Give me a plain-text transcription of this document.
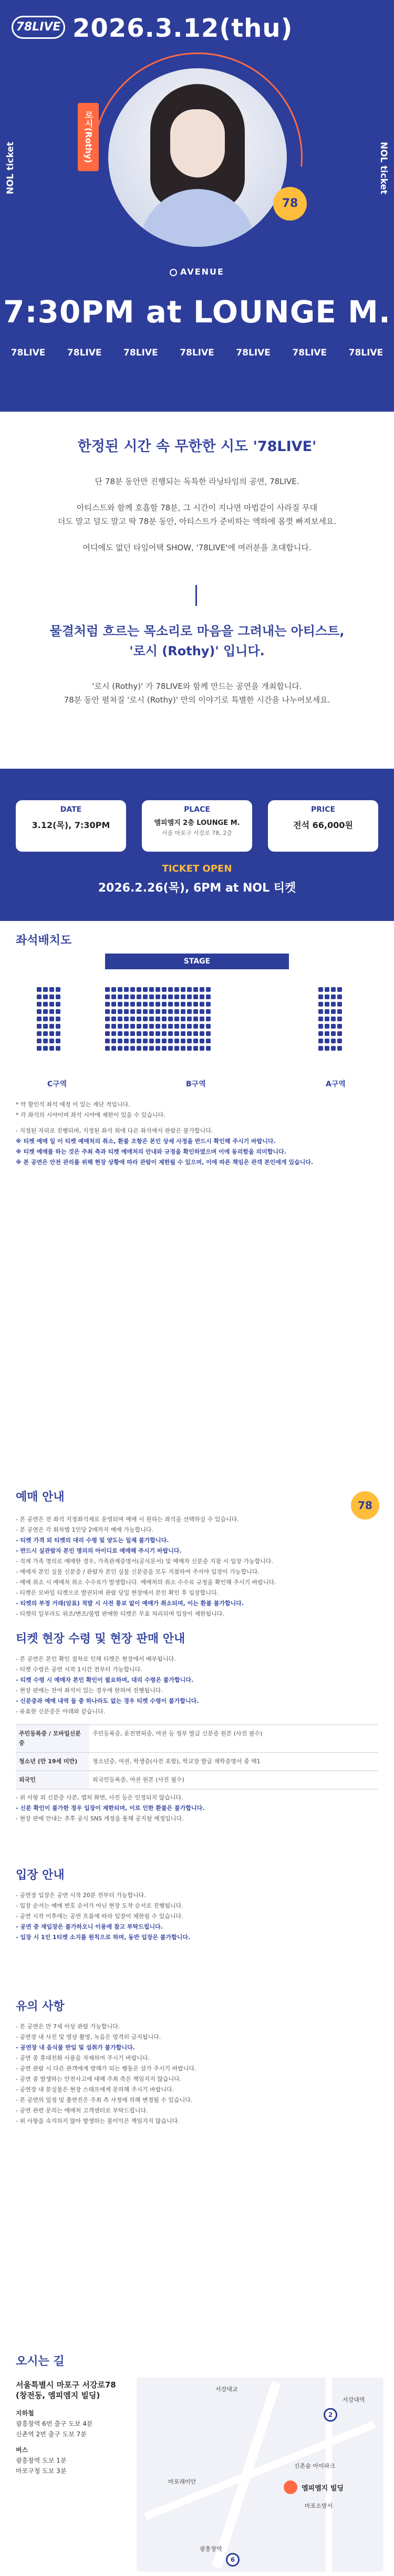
78LIVE 2026.3.12(thu)
NOL ticket	NOL ticket
로시(Rothy)
78
AVENUE
7:30PM at LOUNGE M.
78LIVE 78LIVE 78LIVE 78LIVE 78LIVE 78LIVE 78LIVE
한정된 시간 속 무한한 시도 '78LIVE'
단 78분 동안만 진행되는 독특한 라닝타임의 공연, 78LIVE.
아티스트와 함께 호흡할 78분, 그 시간이 지나면 마법같이 사라질 무대
더도 말고 덜도 말고 딱 78분 동안, 아티스트가 준비하는 액하에 몸껏 빠져보세요.
어디에도 없던 타임어택 SHOW, '78LIVE'에 여러분을 초대합니다.
물결처럼 흐르는 목소리로 마음을 그려내는 아티스트,
'로시 (Rothy)' 입니다.
'로시 (Rothy)' 가 78LIVE와 함께 만드는 공연을 개최합니다.
78분 동안 펼쳐질 '로시 (Rothy)' 만의 이야기로 특별한 시간을 나누어보세요.
DATE
3.12(목), 7:30PM
PLACE
엠피엠지 2층 LOUNGE M.
서울 마포구 서강로 78, 2층
PRICE
전석 66,000원
TICKET OPEN
2026.2.26(목), 6PM at NOL 티켓
좌석배치도
STAGE
C구역	B구역	A구역
* 약 할인석 좌석 예정 이 있는 계단 적입니다.
* 각 좌석의 시야이며 좌석 시야에 제한이 있을 수 있습니다.
- 지정된 자리로 진행되며, 지정된 좌석 외에 다른 좌석에서 관람은 불가합니다.
※ 티켓 예매 일 이 티켓 예매처의 취소, 환불 조항은 본인 상세 사정을 반드시 확인해 주시기 바랍니다.
※ 티켓 예매를 하는 것은 주최 측과 티켓 예매처의 안내와 규정을 확인하였으며 이에 동의함을 의미합니다.
※ 본 공연은 안전 관리를 위해 현장 상황에 따라 관람이 제한될 수 있으며, 이에 따른 책임은 관객 본인에게 있습니다.
예매 안내
78
- 본 공연은 전 좌석 지정좌석제로 운영되며 예매 시 원하는 좌석을 선택하실 수 있습니다.
- 본 공연은 각 회차별 1인당 2매까지 예매 가능합니다.
- 티켓 가격 외 티켓의 대리 수령 및 양도는 일체 불가합니다.
- 반드시 실관람자 본인 명의의 아이디로 예매해 주시기 바랍니다.
- 직계 가족 명의로 예매한 경우, 가족관계증명서(공식문서) 및 예매자 신분증 지참 시 입장 가능합니다.
- 예매자 본인 실물 신분증 / 관람자 본인 실물 신분증을 모두 지참하여 주셔야 입장이 가능합니다.
- 예매 취소 시 예매처 취소 수수료가 발생합니다. 예매처의 취소 수수료 규정을 확인해 주시기 바랍니다.
- 티켓은 모바일 티켓으로 발권되며 관람 당일 현장에서 본인 확인 후 입장합니다.
- 티켓의 부정 거래(암표) 적발 시 사전 통보 없이 예매가 취소되며, 이는 환불 불가합니다.
- 티켓의 일부라도 위조/변조/불법 판매한 티켓은 무효 처리되며 입장이 제한됩니다.
티켓 현장 수령 및 현장 판매 안내
- 본 공연은 본인 확인 절차로 인해 티켓은 현장에서 배부됩니다.
- 티켓 수령은 공연 시작 1시간 전부터 가능합니다.
- 티켓 수령 시 예매자 본인 확인이 필요하며, 대리 수령은 불가합니다.
- 현장 판매는 잔여 좌석이 있는 경우에 한하여 진행됩니다.
- 신분증과 예매 내역 둘 중 하나라도 없는 경우 티켓 수령이 불가합니다.
- 유효한 신분증은 아래와 같습니다.
주민등록증 / 모바일신분증	주민등록증, 운전면허증, 여권 등 정부 발급 신분증 원본 (사진 필수)
청소년 (만 19세 미만)	청소년증, 여권, 학생증(사진 포함), 학교장 발급 재학증명서 중 택1
외국인	외국인등록증, 여권 원본 (사진 필수)
- 위 사항 외 신분증 사본, 캡처 화면, 사진 등은 인정되지 않습니다.
- 신분 확인이 불가한 경우 입장이 제한되며, 이로 인한 환불은 불가합니다.
- 현장 판매 안내는 추후 공식 SNS 계정을 통해 공지될 예정입니다.
입장 안내
- 공연장 입장은 공연 시작 20분 전부터 가능합니다.
- 입장 순서는 예매 번호 순서가 아닌 현장 도착 순서로 진행됩니다.
- 공연 시작 이후에는 공연 흐름에 따라 입장이 제한될 수 있습니다.
- 공연 중 재입장은 불가하오니 이용에 참고 부탁드립니다.
- 입장 시 1인 1티켓 소지를 원칙으로 하며, 동반 입장은 불가합니다.
유의 사항
- 본 공연은 만 7세 이상 관람 가능합니다.
- 공연장 내 사진 및 영상 촬영, 녹음은 엄격히 금지됩니다.
- 공연장 내 음식물 반입 및 섭취가 불가합니다.
- 공연 중 휴대전화 사용을 자제하여 주시기 바랍니다.
- 공연 관람 시 다른 관객에게 방해가 되는 행동은 삼가 주시기 바랍니다.
- 공연 중 발생하는 안전사고에 대해 주최 측은 책임지지 않습니다.
- 공연장 내 분실물은 현장 스태프에게 문의해 주시기 바랍니다.
- 본 공연의 일정 및 출연진은 주최 측 사정에 의해 변경될 수 있습니다.
- 공연 관련 문의는 예매처 고객센터로 부탁드립니다.
- 위 사항을 숙지하지 않아 발생하는 불이익은 책임지지 않습니다.
오시는 길
서울특별시 마포구 서강로78
(창전동, 엠피엠지 빌딩)
지하철
광흥창역 6번 출구 도보 4분
신촌역 2번 출구 도보 7분
버스
광흥창역 도보 1분
마포구청 도보 3분
서강대교
서강대역
2
신촌숲 아이파크
마포래미안
엠피엠지 빌딩
마포소방서
광흥창역
6
